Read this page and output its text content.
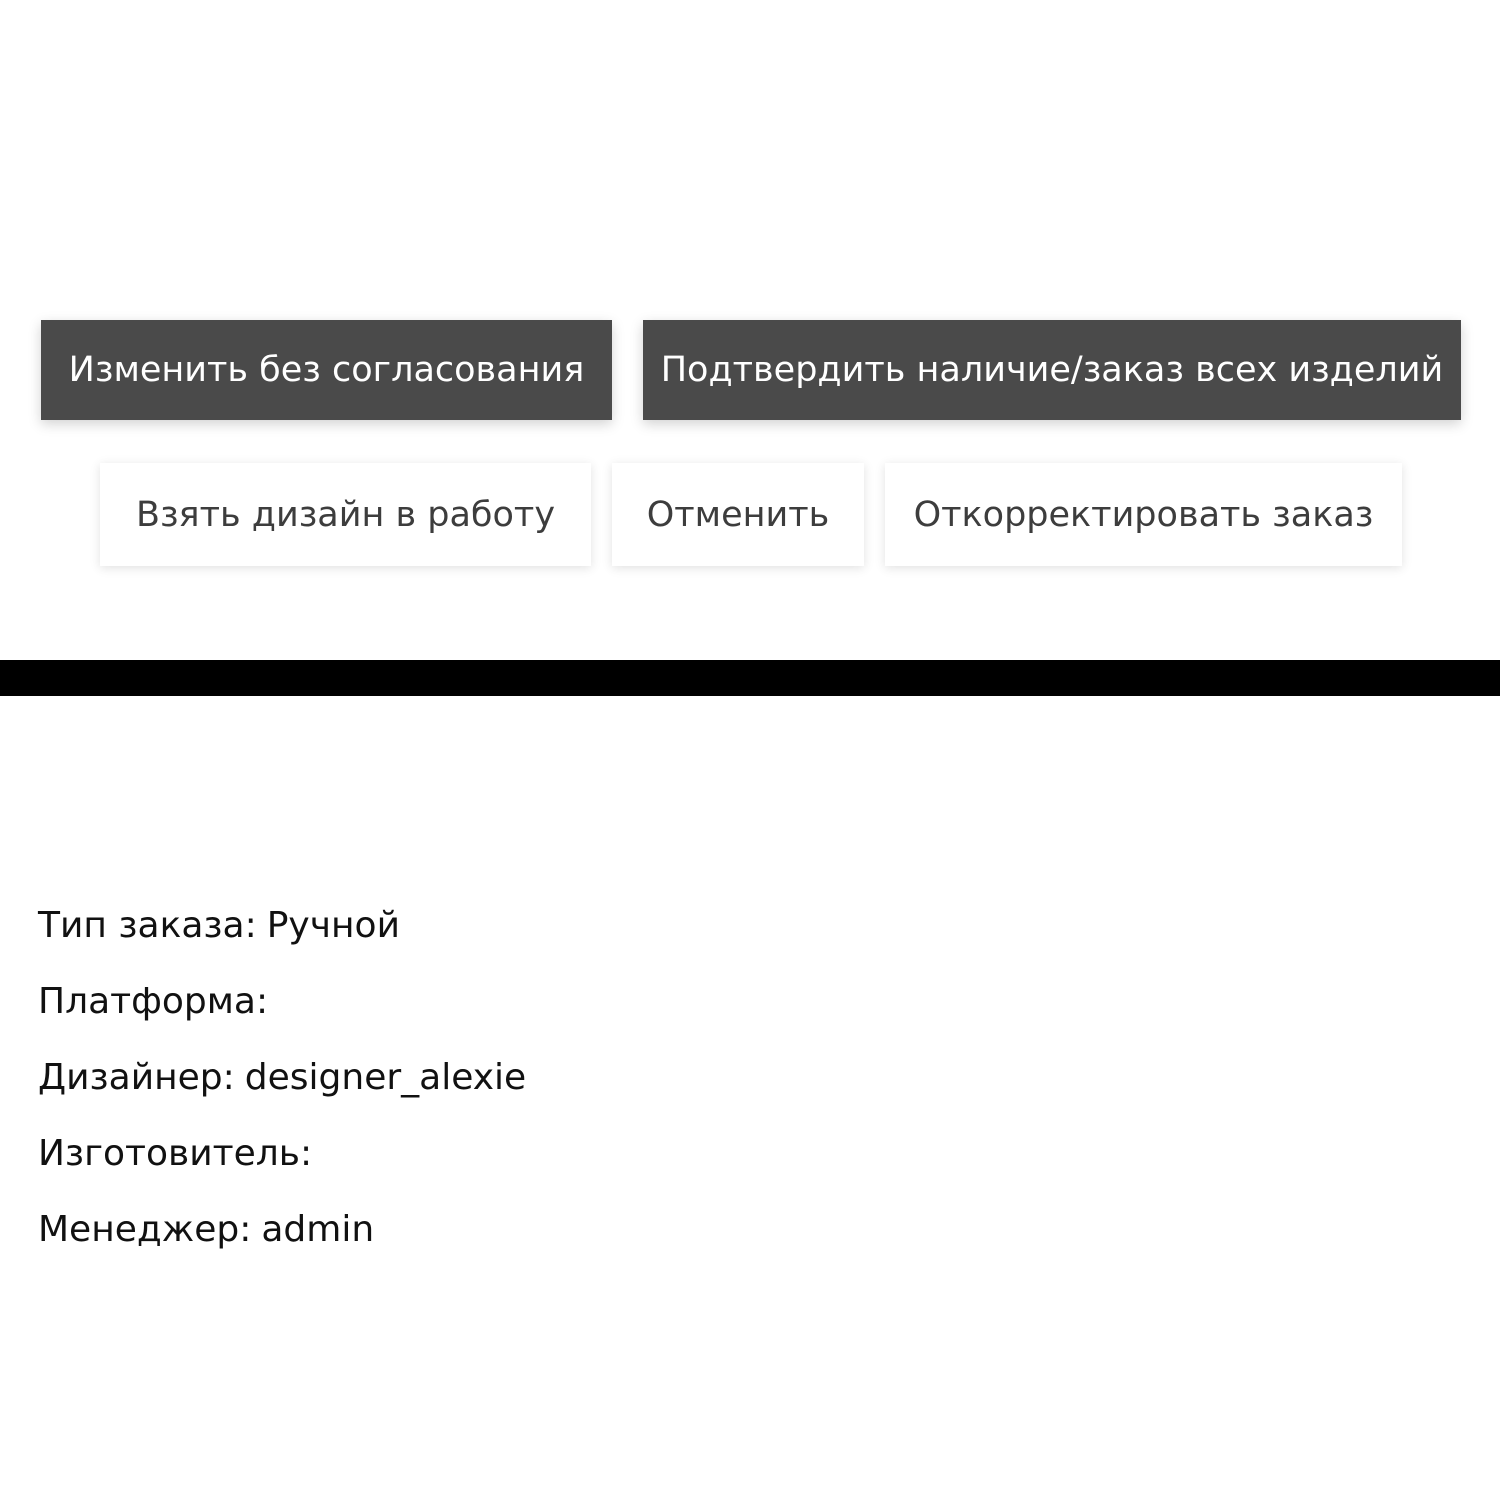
Изменить без согласования	Подтвердить наличие/заказ всех изделий
Взять дизайн в работу	Отменить	Откорректировать заказ
Тип заказа: Ручной
Платформа:
Дизайнер: designer_alexie
Изготовитель:
Менеджер: admin
